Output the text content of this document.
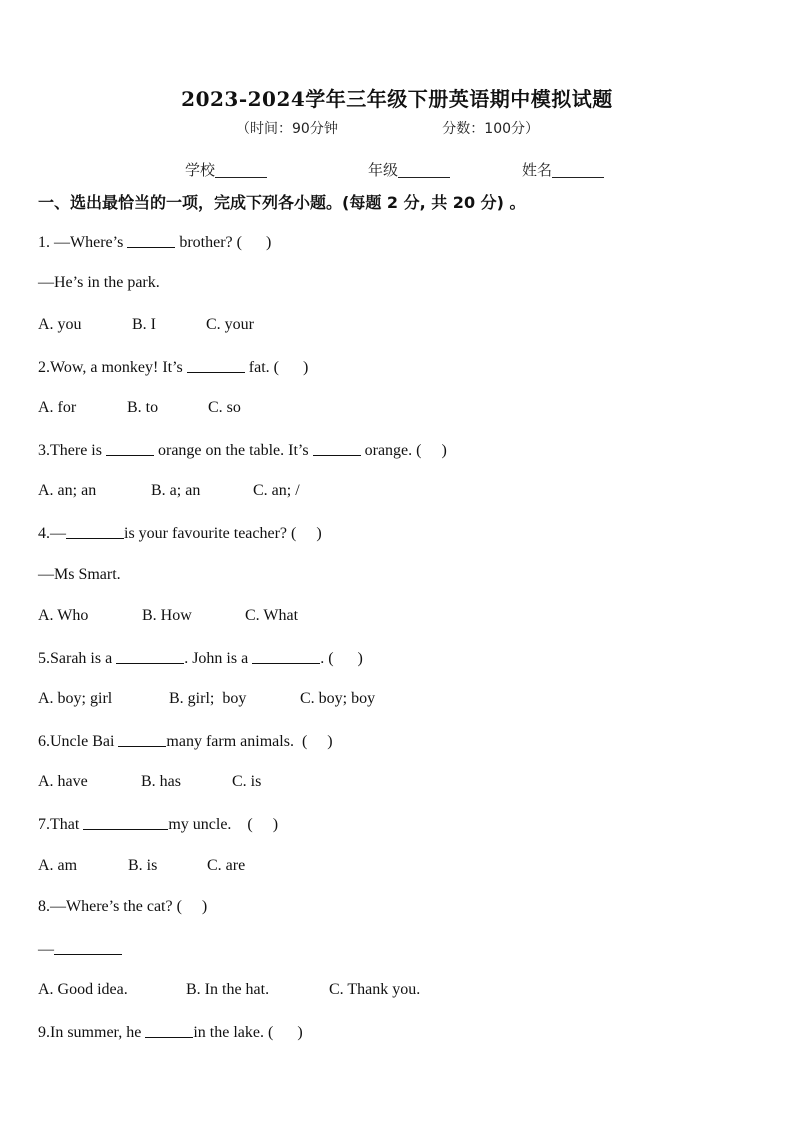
2023-2024学年三年级下册英语期中模拟试题
（时间：90分钟	分数：100分）
学校	年级	姓名
一、选出最恰当的一项，完成下列各小题。(每题 2 分, 共 20 分) 。
1. —Where’s	brother? (      )
—He’s in the park.
A. you	B. I	C. your
2.Wow, a monkey! It’s	fat. (      )
A. for	B. to	C. so
3.There is	orange on the table. It’s	orange. (     )
A. an; an	B. a; an	C. an; /
4.—	is your favourite teacher? (     )
—Ms Smart.
A. Who	B. How	C. What
5.Sarah is a	. John is a	. (      )
A. boy; girl	B. girl;  boy	C. boy; boy
6.Uncle Bai	many farm animals.  (     )
A. have	B. has	C. is
7.That	my uncle.    (     )
A. am	B. is	C. are
8.—Where’s the cat? (     )
—
A. Good idea.	B. In the hat.	C. Thank you.
9.In summer, he	in the lake. (      )
